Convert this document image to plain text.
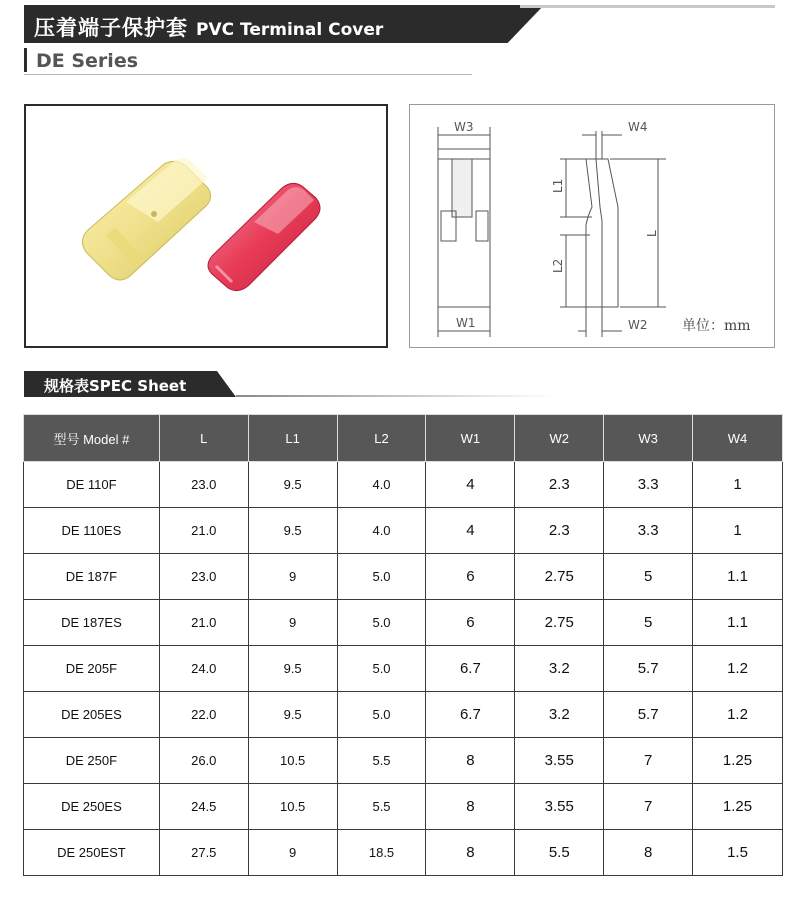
压着端子保护套 PVC Terminal Cover
DE Series
W3
W1
W4
W2
L
L1
L2
单位：mm
规格表SPEC Sheet
型号 Model #	L	L1	L2	W1	W2	W3	W4
DE 110F	23.0	9.5	4.0	4	2.3	3.3	1
DE 110ES	21.0	9.5	4.0	4	2.3	3.3	1
DE 187F	23.0	9	5.0	6	2.75	5	1.1
DE 187ES	21.0	9	5.0	6	2.75	5	1.1
DE 205F	24.0	9.5	5.0	6.7	3.2	5.7	1.2
DE 205ES	22.0	9.5	5.0	6.7	3.2	5.7	1.2
DE 250F	26.0	10.5	5.5	8	3.55	7	1.25
DE 250ES	24.5	10.5	5.5	8	3.55	7	1.25
DE 250EST	27.5	9	18.5	8	5.5	8	1.5
